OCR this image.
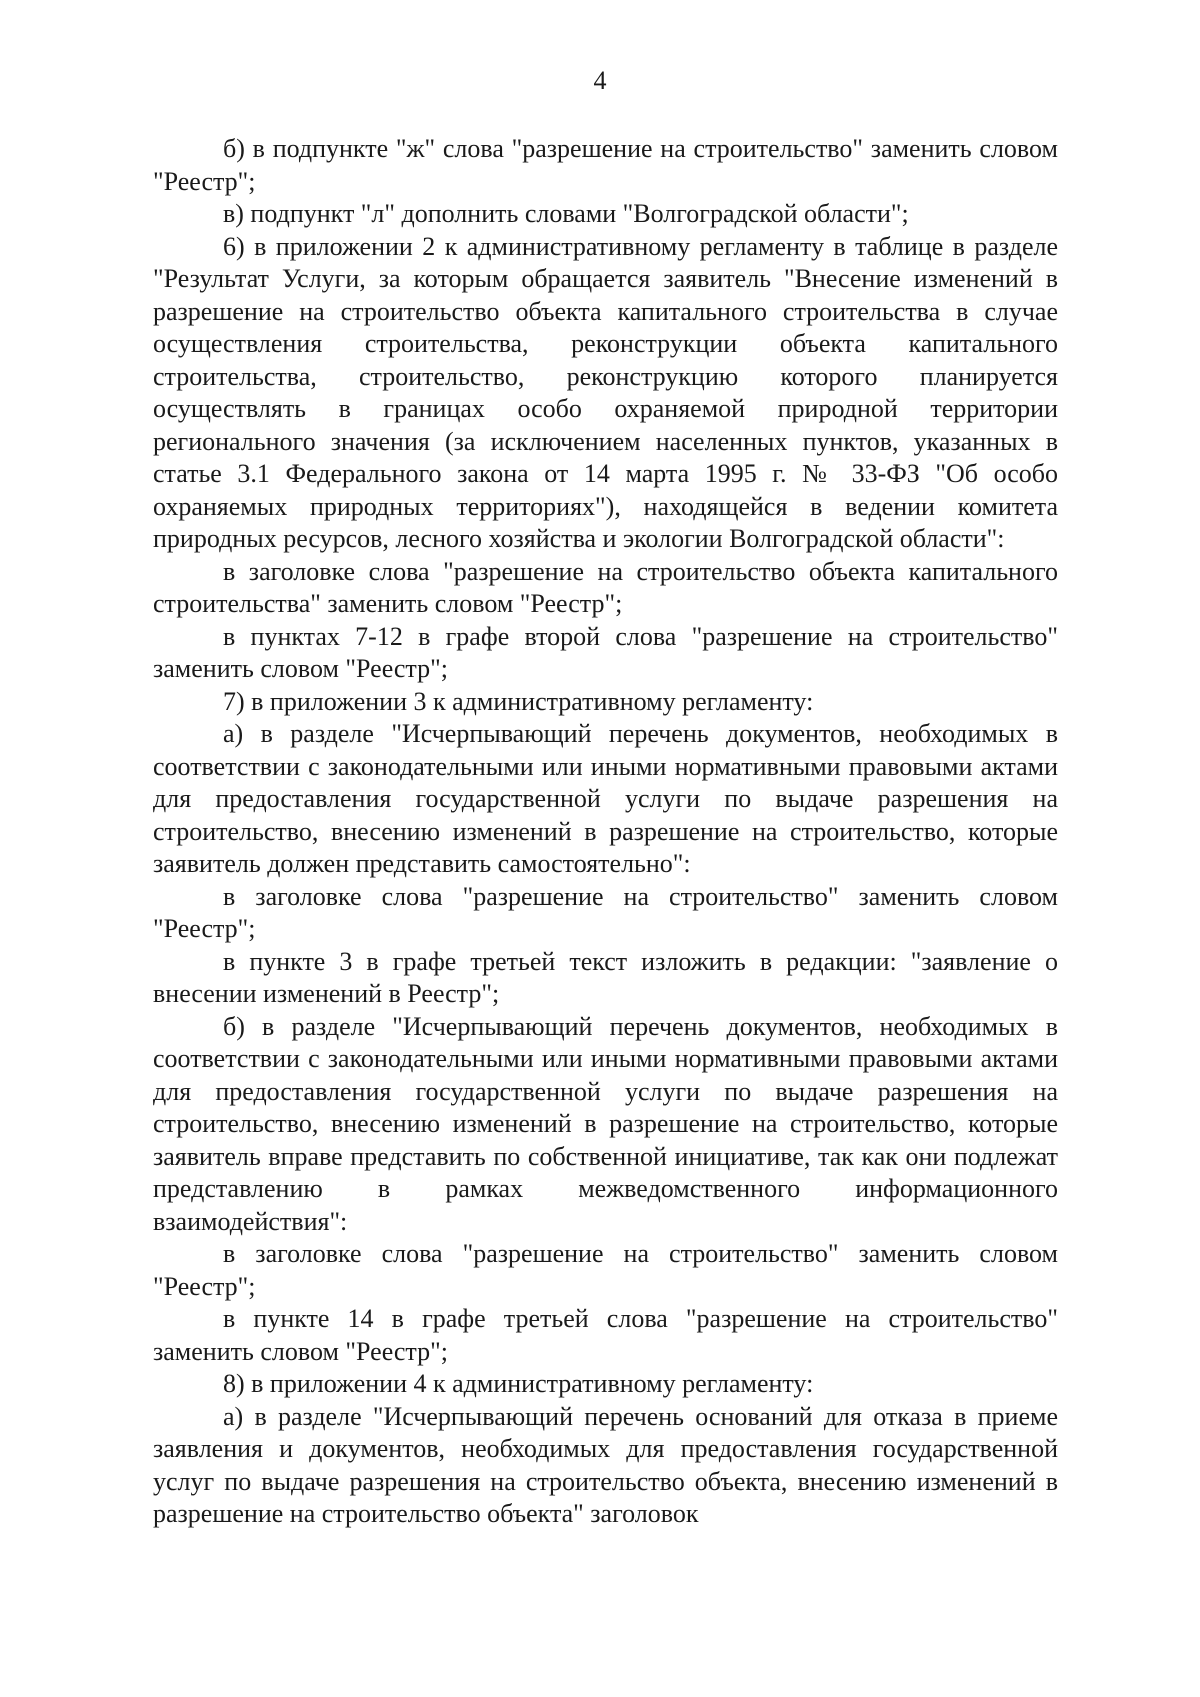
4

б) в подпункте "ж" слова "разрешение на строительство" заменить словом "Реестр";

в) подпункт "л" дополнить словами "Волгоградской области";

6) в приложении 2 к административному регламенту в таблице в разделе "Результат Услуги, за которым обращается заявитель "Внесение изменений в разрешение на строительство объекта капитального строительства в случае осуществления строительства, реконструкции объекта капитального строительства, строительство, реконструкцию которого планируется осуществлять в границах особо охраняемой природной территории регионального значения (за исключением населенных пунктов, указанных в статье 3.1 Федерального закона от 14 марта 1995 г. № 33-ФЗ "Об особо охраняемых природных территориях"), находящейся в ведении комитета природных ресурсов, лесного хозяйства и экологии Волгоградской области":

в заголовке слова "разрешение на строительство объекта капитального строительства" заменить словом "Реестр";

в пунктах 7-12 в графе второй слова "разрешение на строительство" заменить словом "Реестр";

7) в приложении 3 к административному регламенту:

а) в разделе "Исчерпывающий перечень документов, необходимых в соответствии с законодательными или иными нормативными правовыми актами для предоставления государственной услуги по выдаче разрешения на строительство, внесению изменений в разрешение на строительство, которые заявитель должен представить самостоятельно":

в заголовке слова "разрешение на строительство" заменить словом "Реестр";

в пункте 3 в графе третьей текст изложить в редакции: "заявление о внесении изменений в Реестр";

б) в разделе "Исчерпывающий перечень документов, необходимых в соответствии с законодательными или иными нормативными правовыми актами для предоставления государственной услуги по выдаче разрешения на строительство, внесению изменений в разрешение на строительство, которые заявитель вправе представить по собственной инициативе, так как они подлежат представлению в рамках межведомственного информационного взаимодействия":

в заголовке слова "разрешение на строительство" заменить словом "Реестр";

в пункте 14 в графе третьей слова "разрешение на строительство" заменить словом "Реестр";

8) в приложении 4 к административному регламенту:

а) в разделе "Исчерпывающий перечень оснований для отказа в приеме заявления и документов, необходимых для предоставления государственной услуг по выдаче разрешения на строительство объекта, внесению изменений в разрешение на строительство объекта" заголовок
